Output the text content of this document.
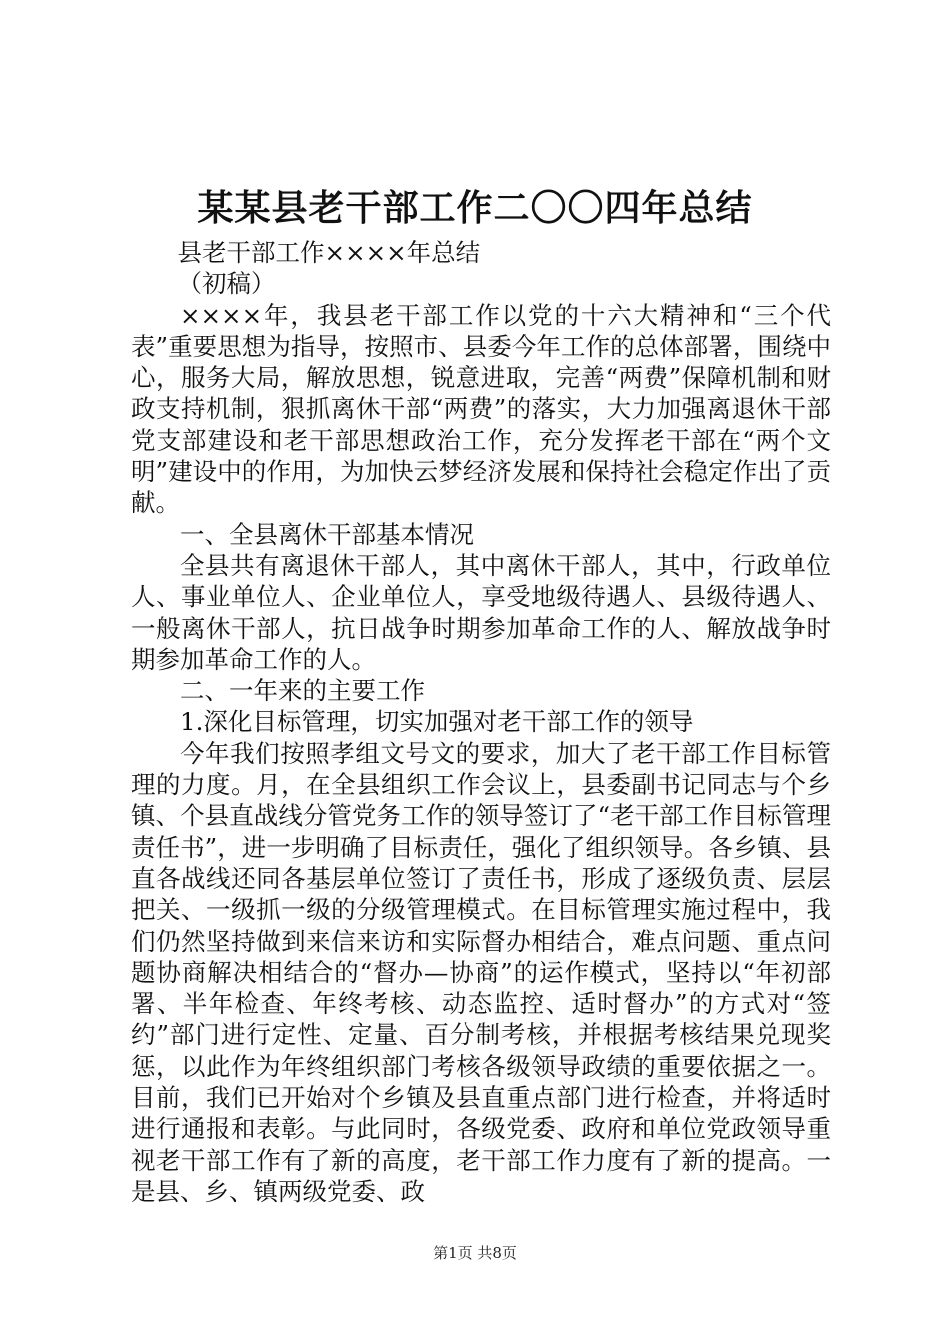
某某县老干部工作二〇〇四年总结

县老干部工作××××年总结

（初稿）

××××年，我县老干部工作以党的十六大精神和“三个代表”重要思想为指导，按照市、县委今年工作的总体部署，围绕中心，服务大局，解放思想，锐意进取，完善“两费”保障机制和财政支持机制，狠抓离休干部“两费”的落实，大力加强离退休干部党支部建设和老干部思想政治工作，充分发挥老干部在“两个文明”建设中的作用，为加快云梦经济发展和保持社会稳定作出了贡献。

一、全县离休干部基本情况

全县共有离退休干部人，其中离休干部人，其中，行政单位人、事业单位人、企业单位人，享受地级待遇人、县级待遇人、一般离休干部人，抗日战争时期参加革命工作的人、解放战争时期参加革命工作的人。

二、一年来的主要工作

1.深化目标管理，切实加强对老干部工作的领导

今年我们按照孝组文号文的要求，加大了老干部工作目标管理的力度。月，在全县组织工作会议上，县委副书记同志与个乡镇、个县直战线分管党务工作的领导签订了“老干部工作目标管理责任书”，进一步明确了目标责任，强化了组织领导。各乡镇、县直各战线还同各基层单位签订了责任书，形成了逐级负责、层层把关、一级抓一级的分级管理模式。在目标管理实施过程中，我们仍然坚持做到来信来访和实际督办相结合，难点问题、重点问题协商解决相结合的“督办—协商”的运作模式，坚持以“年初部署、半年检查、年终考核、动态监控、适时督办”的方式对“签约”部门进行定性、定量、百分制考核，并根据考核结果兑现奖惩，以此作为年终组织部门考核各级领导政绩的重要依据之一。目前，我们已开始对个乡镇及县直重点部门进行检查，并将适时进行通报和表彰。与此同时，各级党委、政府和单位党政领导重视老干部工作有了新的高度，老干部工作力度有了新的提高。一是县、乡、镇两级党委、政

第1页 共8页
